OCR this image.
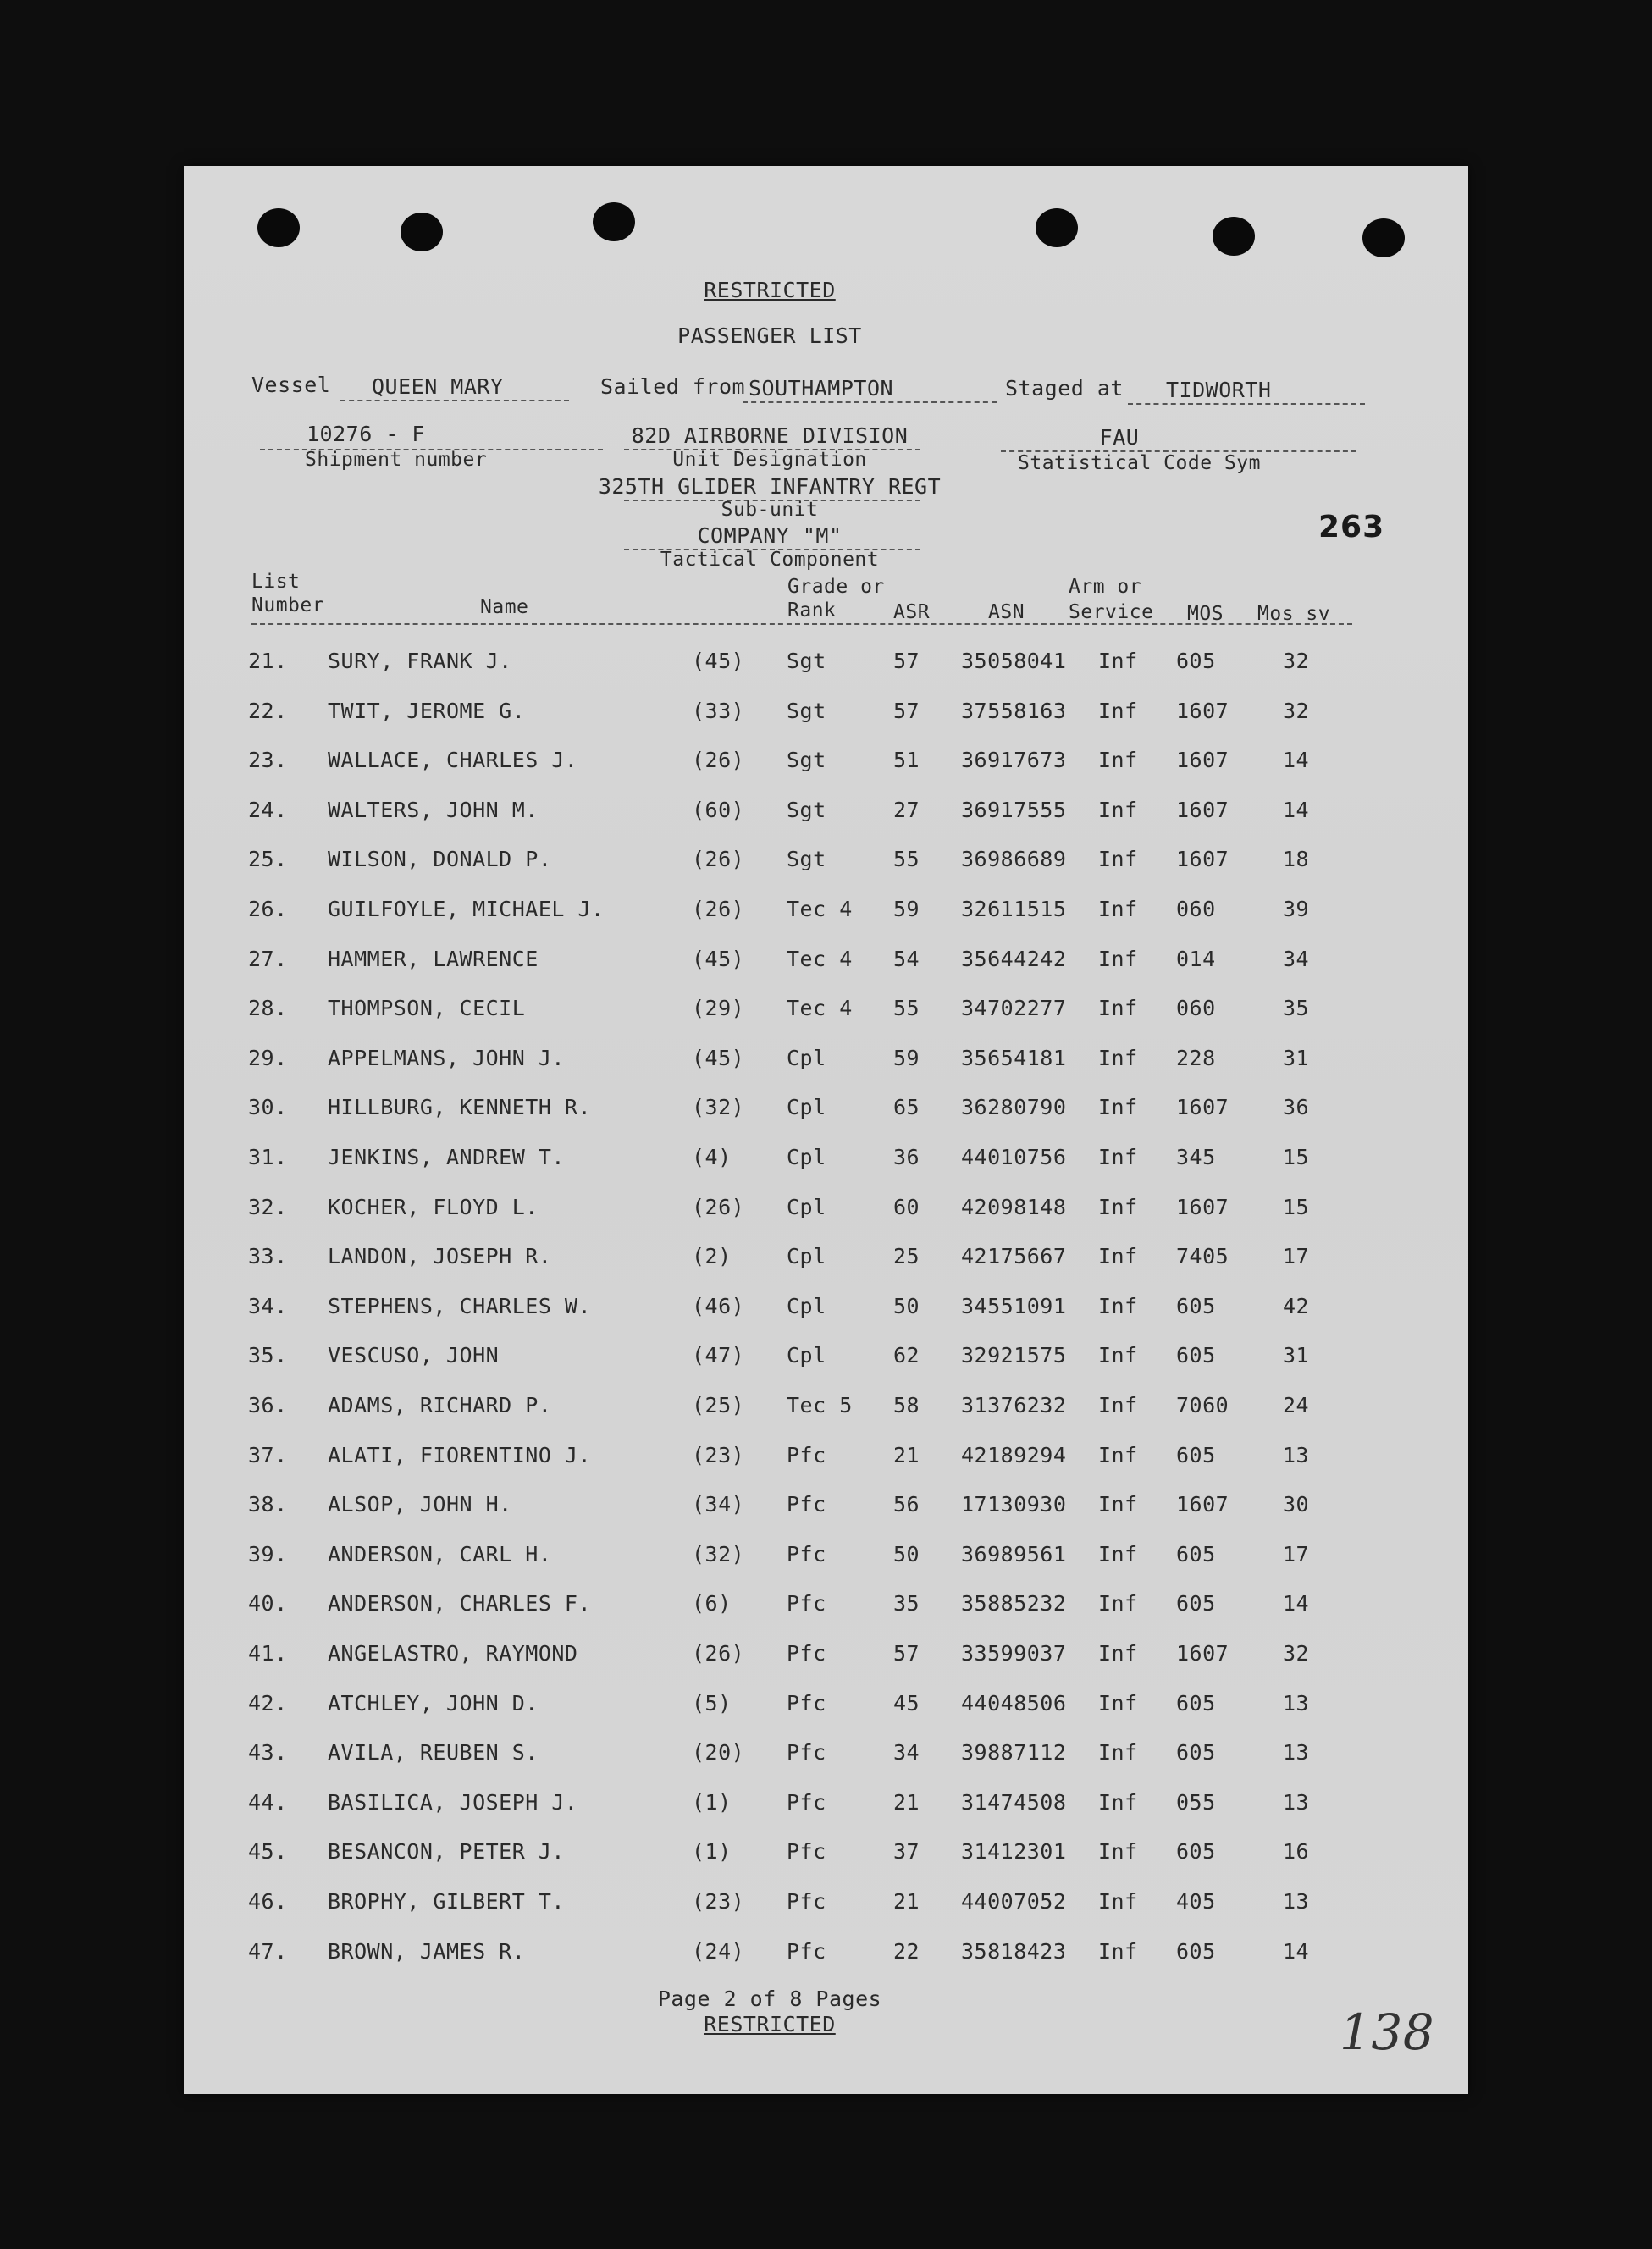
RESTRICTED
PASSENGER LIST
Vessel QUEEN MARY	Sailed from SOUTHAMPTON	Staged at TIDWORTH
10276 - F
Shipment number
82D AIRBORNE DIVISION
Unit Designation
325TH GLIDER INFANTRY REGT
Sub-unit
COMPANY "M"
Tactical Component
FAU
Statistical Code Sym
263
List
Number	Name
Grade or
Rank	ASR	ASN
Arm or
Service MOS Mos sv
21. SURY, FRANK J.	(45) Sgt	57 35058041 Inf 605	32
22. TWIT, JEROME G.	(33) Sgt	57 37558163 Inf 1607	32
23. WALLACE, CHARLES J.	(26) Sgt	51 36917673 Inf 1607	14
24. WALTERS, JOHN M.	(60) Sgt	27 36917555 Inf 1607	14
25. WILSON, DONALD P.	(26) Sgt	55 36986689 Inf 1607	18
26. GUILFOYLE, MICHAEL J.	(26) Tec 4 59 32611515 Inf 060	39
27. HAMMER, LAWRENCE	(45) Tec 4 54 35644242 Inf 014	34
28. THOMPSON, CECIL	(29) Tec 4 55 34702277 Inf 060	35
29. APPELMANS, JOHN J.	(45) Cpl	59 35654181 Inf 228	31
30. HILLBURG, KENNETH R.	(32) Cpl	65 36280790 Inf 1607	36
31. JENKINS, ANDREW T.	(4)	Cpl	36 44010756 Inf 345	15
32. KOCHER, FLOYD L.	(26) Cpl	60 42098148 Inf 1607	15
33. LANDON, JOSEPH R.	(2)	Cpl	25 42175667 Inf 7405	17
34. STEPHENS, CHARLES W.	(46) Cpl	50 34551091 Inf 605	42
35. VESCUSO, JOHN	(47) Cpl	62 32921575 Inf 605	31
36. ADAMS, RICHARD P.	(25) Tec 5 58 31376232 Inf 7060	24
37. ALATI, FIORENTINO J.	(23) Pfc	21 42189294 Inf 605	13
38. ALSOP, JOHN H.	(34) Pfc	56 17130930 Inf 1607	30
39. ANDERSON, CARL H.	(32) Pfc	50 36989561 Inf 605	17
40. ANDERSON, CHARLES F.	(6)	Pfc	35 35885232 Inf 605	14
41. ANGELASTRO, RAYMOND	(26) Pfc	57 33599037 Inf 1607	32
42. ATCHLEY, JOHN D.	(5)	Pfc	45 44048506 Inf 605	13
43. AVILA, REUBEN S.	(20) Pfc	34 39887112 Inf 605	13
44. BASILICA, JOSEPH J.	(1)	Pfc	21 31474508 Inf 055	13
45. BESANCON, PETER J.	(1)	Pfc	37 31412301 Inf 605	16
46. BROPHY, GILBERT T.	(23) Pfc	21 44007052 Inf 405	13
47. BROWN, JAMES R.	(24) Pfc	22 35818423 Inf 605	14
Page 2 of 8 Pages
RESTRICTED	138
